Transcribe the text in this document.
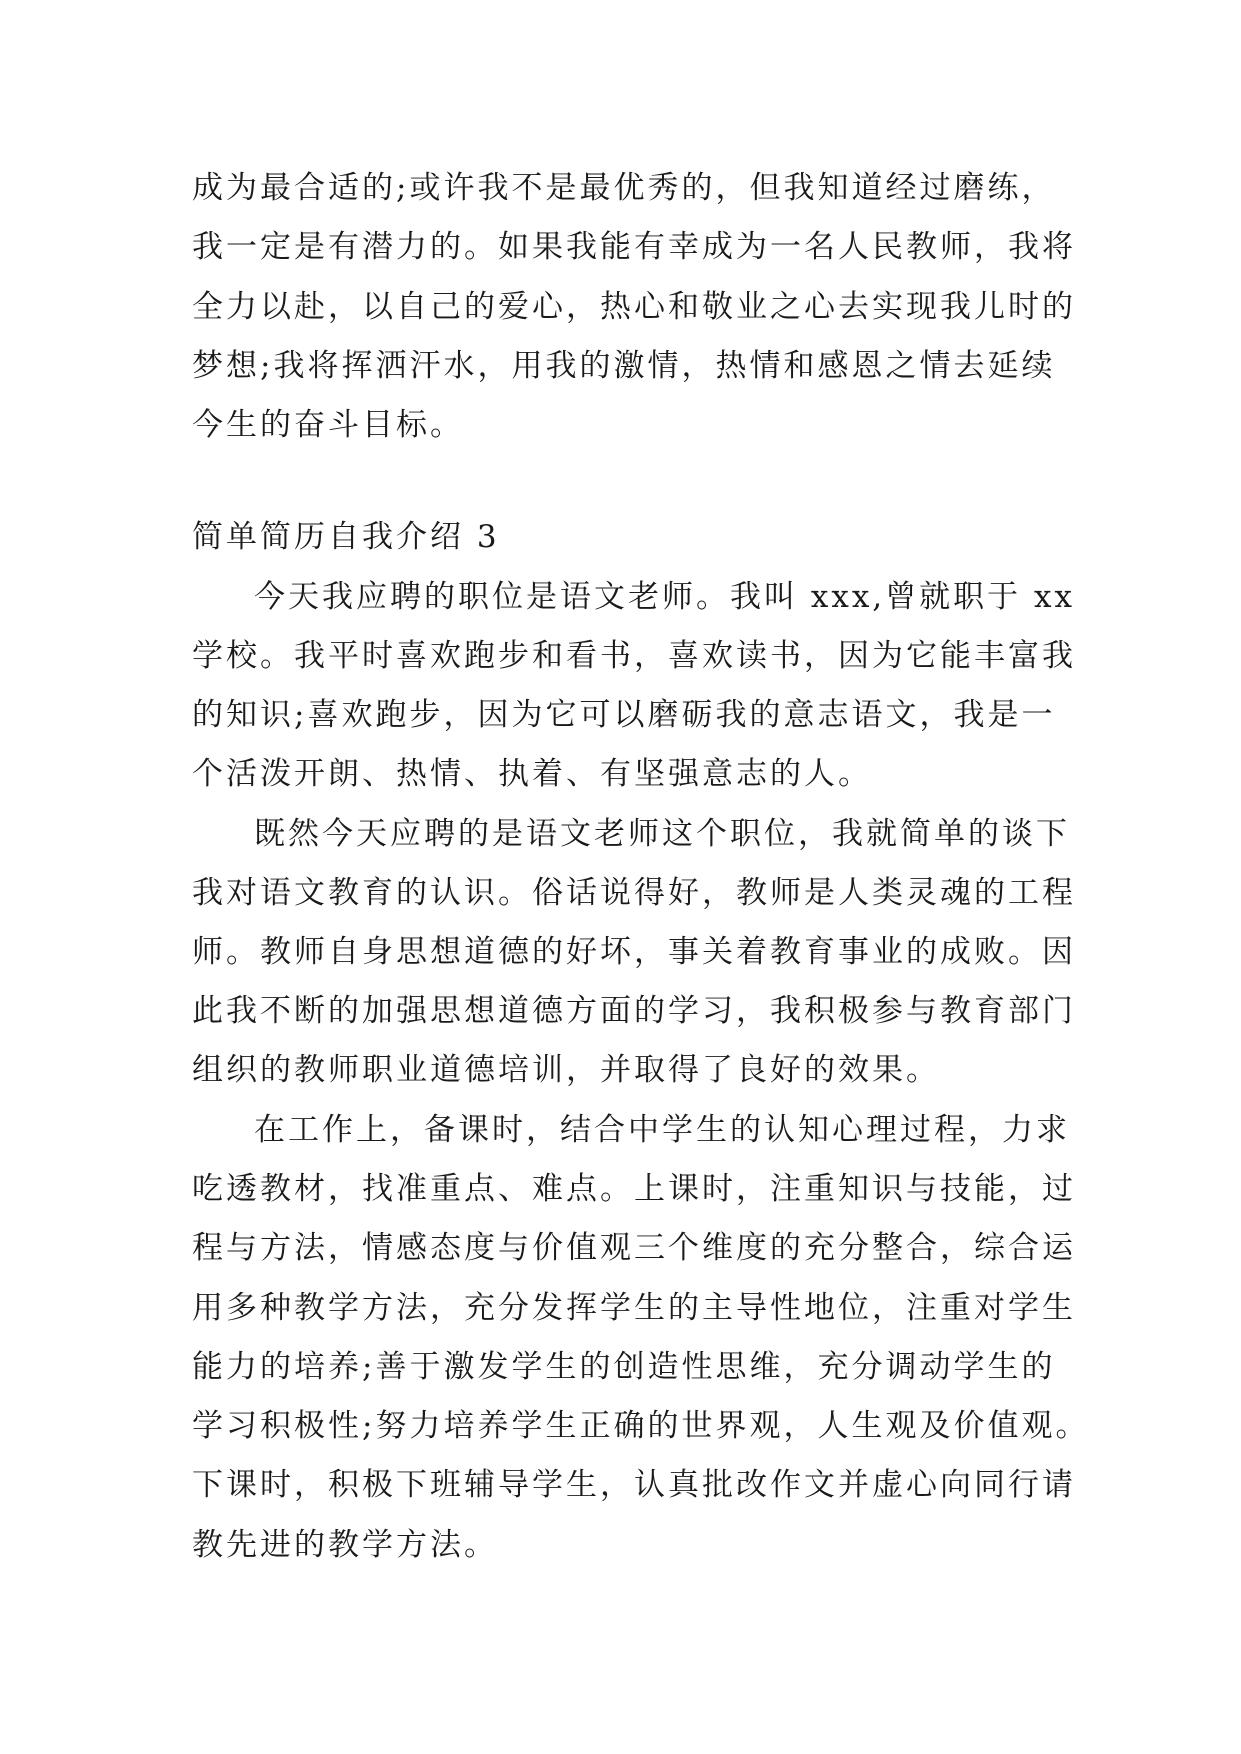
成为最合适的;或许我不是最优秀的，但我知道经过磨练，
我一定是有潜力的。如果我能有幸成为一名人民教师，我将
全力以赴，以自己的爱心，热心和敬业之心去实现我儿时的
梦想;我将挥洒汗水，用我的激情，热情和感恩之情去延续
今生的奋斗目标。
简单简历自我介绍 3
今天我应聘的职位是语文老师。我叫 xxx,曾就职于 xx
学校。我平时喜欢跑步和看书，喜欢读书，因为它能丰富我
的知识;喜欢跑步，因为它可以磨砺我的意志语文，我是一
个活泼开朗、热情、执着、有坚强意志的人。
既然今天应聘的是语文老师这个职位，我就简单的谈下
我对语文教育的认识。俗话说得好，教师是人类灵魂的工程
师。教师自身思想道德的好坏，事关着教育事业的成败。因
此我不断的加强思想道德方面的学习，我积极参与教育部门
组织的教师职业道德培训，并取得了良好的效果。
在工作上，备课时，结合中学生的认知心理过程，力求
吃透教材，找准重点、难点。上课时，注重知识与技能，过
程与方法，情感态度与价值观三个维度的充分整合，综合运
用多种教学方法，充分发挥学生的主导性地位，注重对学生
能力的培养;善于激发学生的创造性思维，充分调动学生的
学习积极性;努力培养学生正确的世界观，人生观及价值观。
下课时，积极下班辅导学生，认真批改作文并虚心向同行请
教先进的教学方法。
